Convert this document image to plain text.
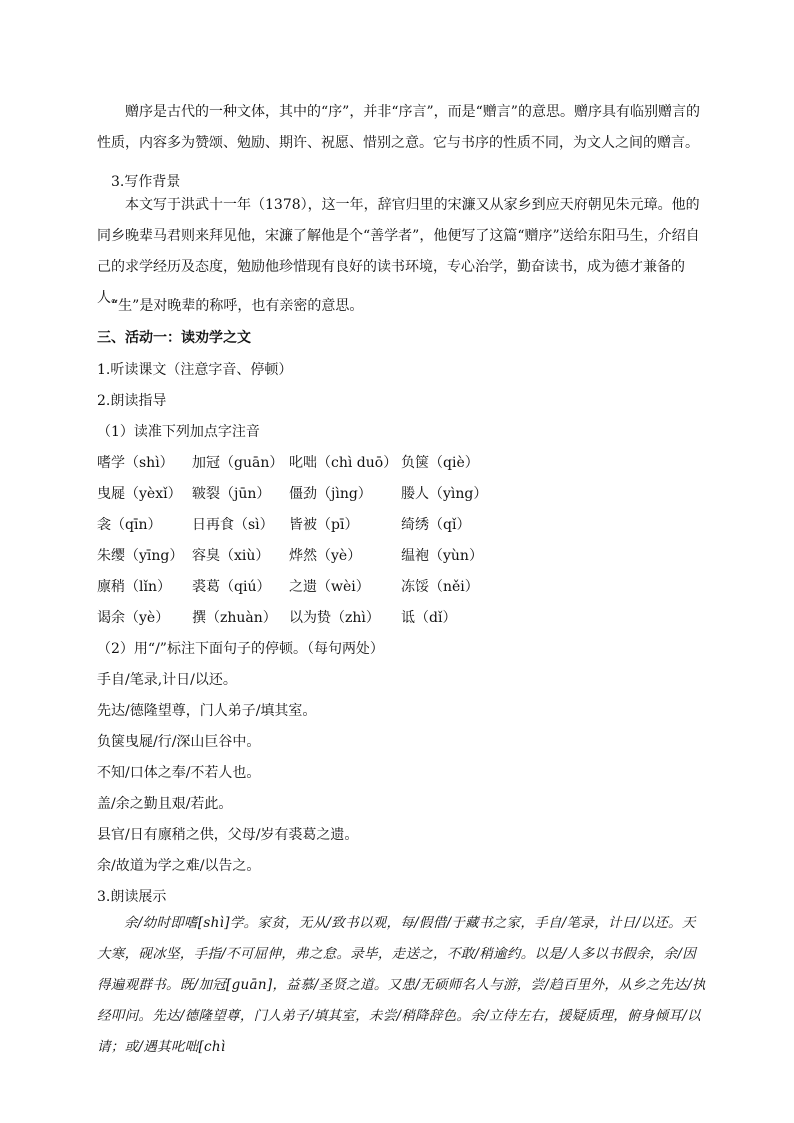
赠序是古代的一种文体，其中的“序”，并非“序言”，而是“赠言”的意思。赠序具有临别赠言的性质，内容多为赞颂、勉励、期许、祝愿、惜别之意。它与书序的性质不同，为文人之间的赠言。
3.写作背景
本文写于洪武十一年（1378），这一年，辞官归里的宋濂又从家乡到应天府朝见朱元璋。他的同乡晚辈马君则来拜见他，宋濂了解他是个“善学者”，他便写了这篇“赠序”送给东阳马生，介绍自己的求学经历及态度，勉励他珍惜现有良好的读书环境，专心治学，勤奋读书，成为德才兼备的人。
“生”是对晚辈的称呼，也有亲密的意思。
三、活动一：读劝学之文
1.听读课文（注意字音、停顿）
2.朗读指导
（1）读准下列加点字注音
嗜学（shì） 加冠（guān） 叱咄（chì duō） 负箧（qiè）
曳屣（yèxǐ） 皲裂（jūn） 僵劲（jìng） 媵人（yìng）
衾（qīn） 日再食（sì） 皆被（pī）	绮绣（qǐ）
朱缨（yīng） 容臭（xiù） 烨然（yè）	缊袍（yùn）
廪稍（lǐn） 裘葛（qiú） 之遗（wèi） 冻馁（něi）
谒余（yè） 撰（zhuàn） 以为贽（zhì） 诋（dǐ）
（2）用“/”标注下面句子的停顿。（每句两处）
手自/笔录,计日/以还。
先达/德隆望尊，门人弟子/填其室。
负箧曳屣/行/深山巨谷中。
不知/口体之奉/不若人也。
盖/余之勤且艰/若此。
县官/日有廪稍之供，父母/岁有裘葛之遗。
余/故道为学之难/以告之。
3.朗读展示
余/幼时即嗜[shì]学。家贫，无从/致书以观，每/假借/于藏书之家，手自/笔录，计日/以还。天大寒，砚冰坚，手指/不可屈伸，弗之怠。录毕，走送之，不敢/稍逾约。以是/人多以书假余，余/因得遍观群书。既/加冠[guān]，益慕/圣贤之道。又患/无硕师名人与游，尝/趋百里外，从乡之先达/执经叩问。先达/德隆望尊，门人弟子/填其室，未尝/稍降辞色。余/立侍左右，援疑质理，俯身倾耳/以请；或/遇其叱咄[chì
